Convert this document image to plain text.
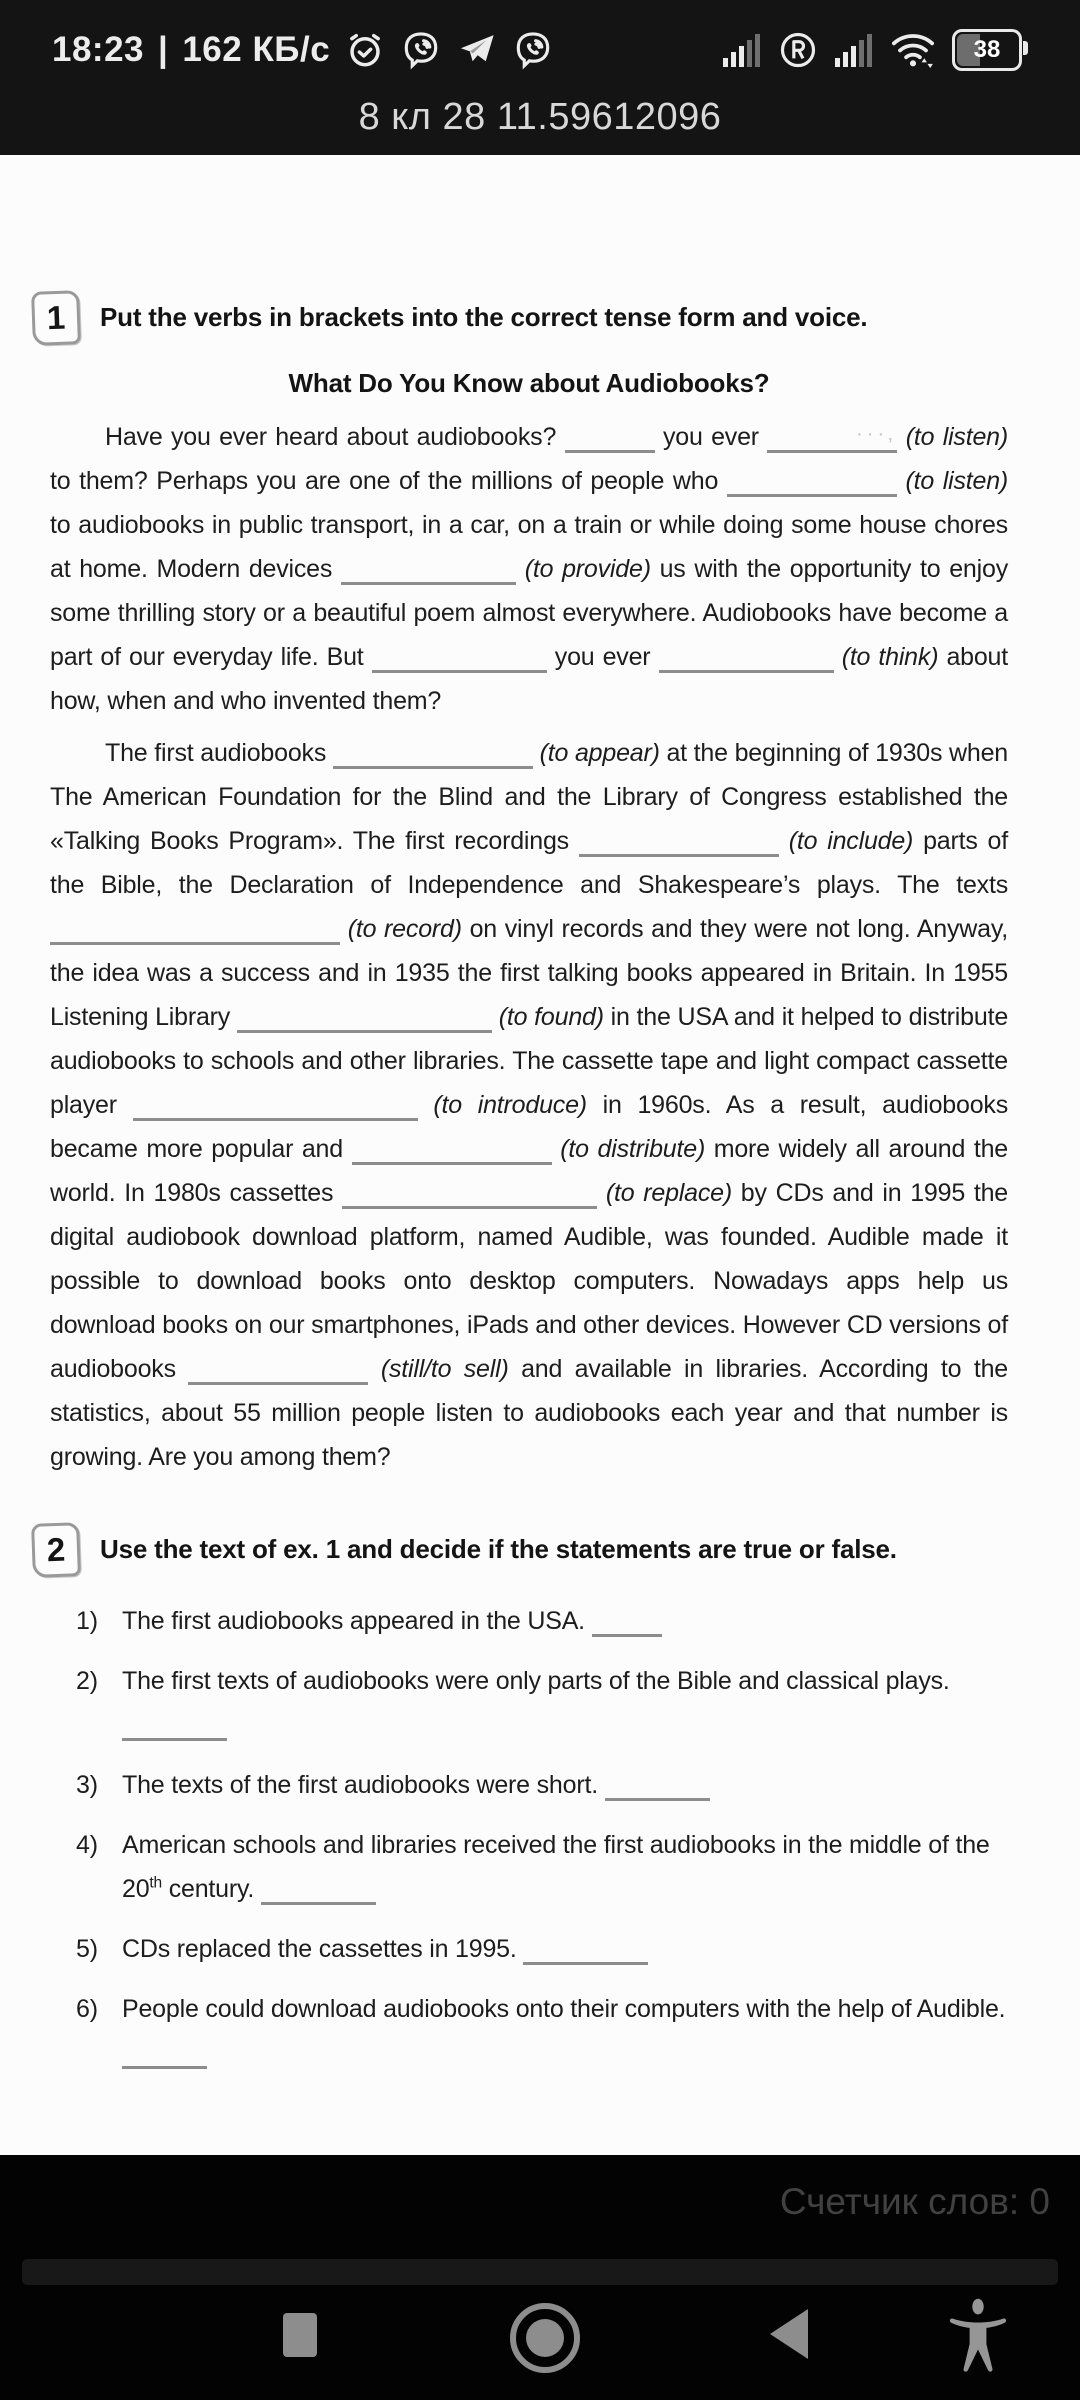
18:23 | 162 КБ/с	38
8 кл 28 11.59612096
1	Put the verbs in brackets into the correct tense form and voice.
What Do You Know about Audiobooks?

Have you ever heard about audiobooks?	you ever ···‚	(to listen) to them? Perhaps you are one of the millions of people who	(to listen) to audiobooks in public transport, in a car, on a train or while doing some house chores at home. Modern devices	(to provide) us with the opportunity to enjoy some thrilling story or a beautiful poem almost everywhere. Audiobooks have become a part of our everyday life. But	you ever	(to think) about how, when and who invented them?

The first audiobooks	(to appear) at the beginning of 1930s when The American Foundation for the Blind and the Library of Congress established the «Talking Books Program». The first recordings	(to include) parts of the Bible, the Declaration of Independence and Shakespeare’s plays. The texts  (to record) on vinyl records and they were not long. Anyway, the idea was a success and in 1935 the first talking books appeared in Britain. In 1955 Listening Library	(to found) in the USA and it helped to distribute audiobooks to schools and other libraries. The cassette tape and light compact cassette player	(to introduce) in 1960s. As a result, audiobooks became more popular and	(to distribute) more widely all around the world. In 1980s cassettes	(to replace) by CDs and in 1995 the digital audiobook download platform, named Audible, was founded. Audible made it possible to download books onto desktop computers. Nowadays apps help us download books on our smartphones, iPads and other devices. However CD versions of audiobooks	(still/to sell) and available in libraries. According to the statistics, about 55 million people listen to audiobooks each year and that number is growing. Are you among them?

2	Use the text of ex. 1 and decide if the statements are true or false.
1) The first audiobooks appeared in the USA.
2) The first texts of audiobooks were only parts of the Bible and classical plays.
3) The texts of the first audiobooks were short.
4) American schools and libraries received the first audiobooks in the middle of the 20th century.
5) CDs replaced the cassettes in 1995.
6) People could download audiobooks onto their computers with the help of Audible.
Счетчик слов: 0
